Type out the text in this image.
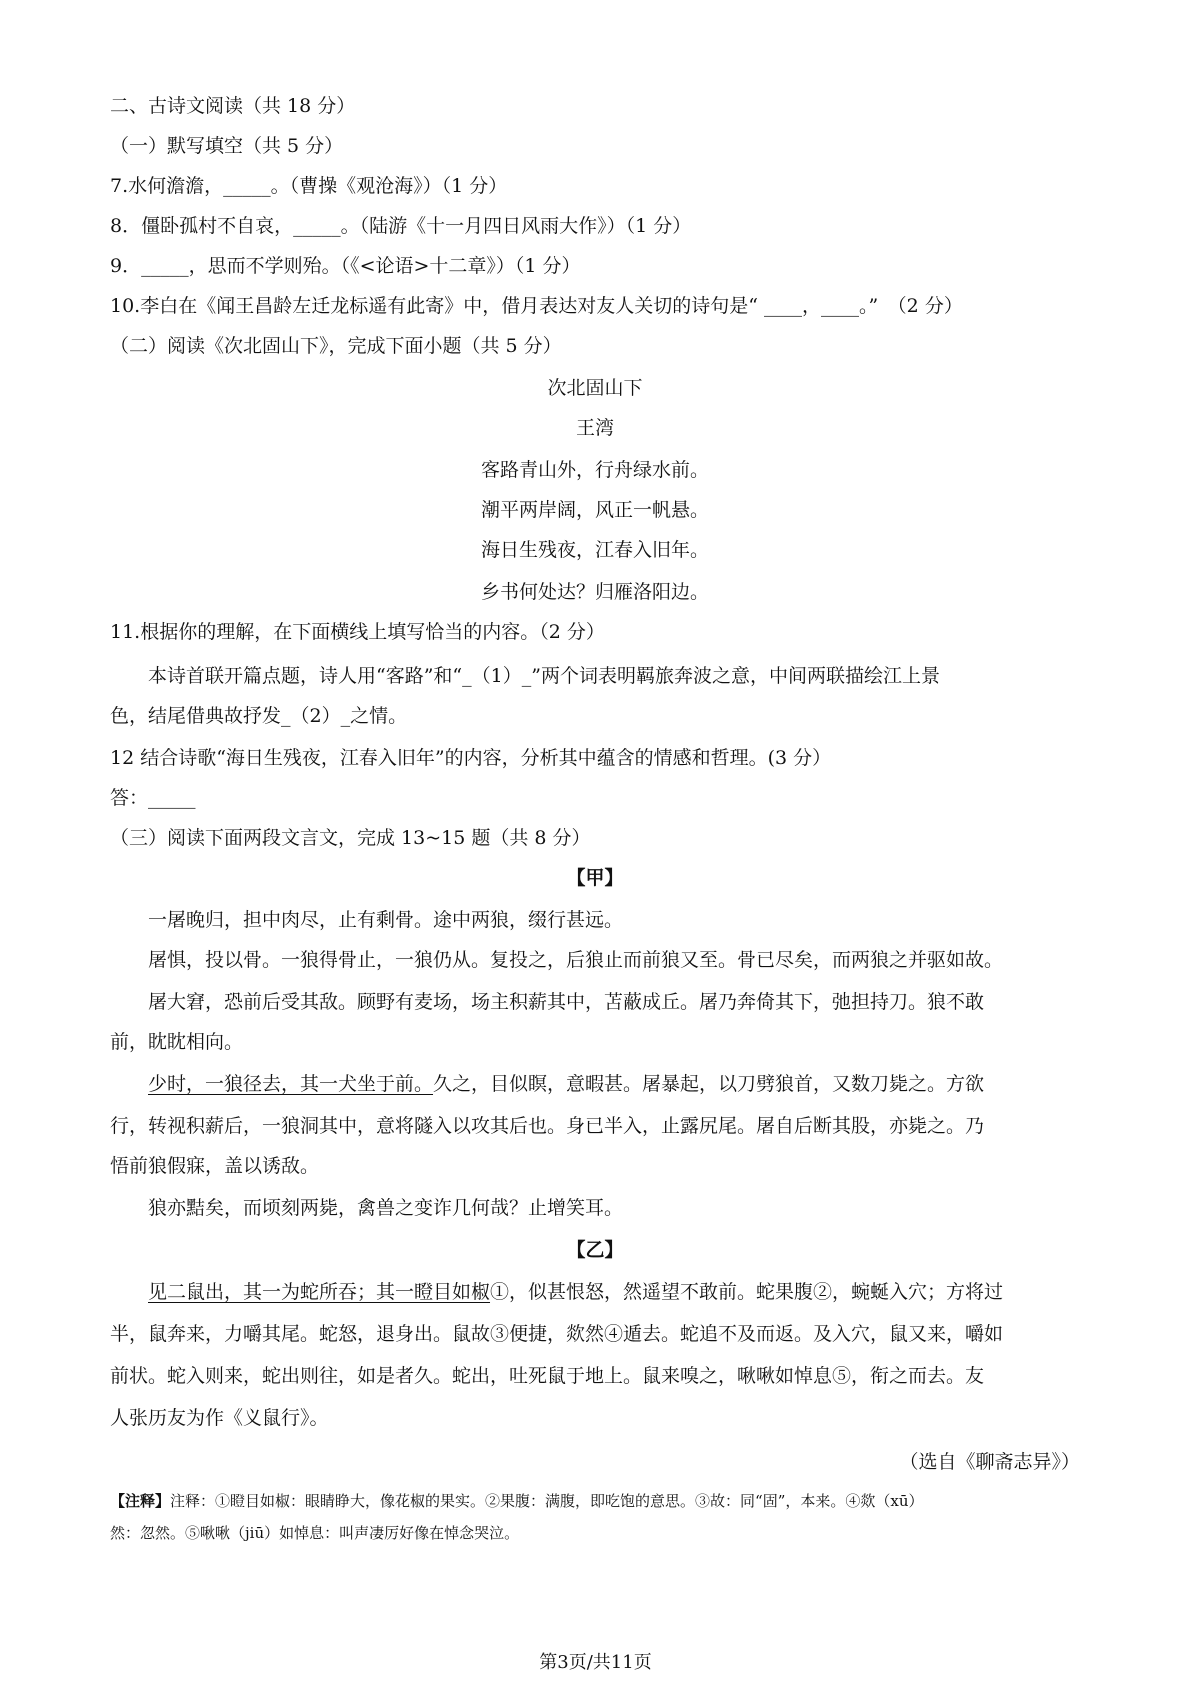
二、古诗文阅读（共 18 分）
（一）默写填空（共 5 分）
7.水何澹澹，_____。（曹操《观沧海》）（1 分）
8．僵卧孤村不自哀，_____。（陆游《十一月四日风雨大作》）（1 分）
9．_____，思而不学则殆。（《<论语>十二章》）（1 分）
10.李白在《闻王昌龄左迁龙标遥有此寄》中，借月表达对友人关切的诗句是“ ____，____。”　（2 分）
（二）阅读《次北固山下》，完成下面小题（共 5 分）
次北固山下
王湾
客路青山外，行舟绿水前。
潮平两岸阔，风正一帆悬。
海日生残夜，江春入旧年。
乡书何处达？归雁洛阳边。
11.根据你的理解，在下面横线上填写恰当的内容。（2 分）
本诗首联开篇点题，诗人用“客路”和“_（1）_”两个词表明羁旅奔波之意，中间两联描绘江上景
色，结尾借典故抒发_（2）_之情。
12 结合诗歌“海日生残夜，江春入旧年”的内容，分析其中蕴含的情感和哲理。(3 分）
答：_____
（三）阅读下面两段文言文，完成 13~15 题（共 8 分）
【甲】
一屠晚归，担中肉尽，止有剩骨。途中两狼，缀行甚远。
屠惧，投以骨。一狼得骨止，一狼仍从。复投之，后狼止而前狼又至。骨已尽矣，而两狼之并驱如故。
屠大窘，恐前后受其敌。顾野有麦场，场主积薪其中，苫蔽成丘。屠乃奔倚其下，弛担持刀。狼不敢
前，眈眈相向。
少时，一狼径去，其一犬坐于前。久之，目似瞑，意暇甚。屠暴起，以刀劈狼首，又数刀毙之。方欲
行，转视积薪后，一狼洞其中，意将隧入以攻其后也。身已半入，止露尻尾。屠自后断其股，亦毙之。乃
悟前狼假寐，盖以诱敌。
狼亦黠矣，而顷刻两毙，禽兽之变诈几何哉？止增笑耳。
【乙】
见二鼠出，其一为蛇所吞；其一瞪目如椒①，似甚恨怒，然遥望不敢前。蛇果腹②，蜿蜒入穴；方将过
半，鼠奔来，力嚼其尾。蛇怒，退身出。鼠故③便捷，欻然④遁去。蛇追不及而返。及入穴，鼠又来，嚼如
前状。蛇入则来，蛇出则往，如是者久。蛇出，吐死鼠于地上。鼠来嗅之，啾啾如悼息⑤，衔之而去。友
人张历友为作《义鼠行》。
（选自《聊斋志异》）
【注释】注释：①瞪目如椒：眼睛睁大，像花椒的果实。②果腹：满腹，即吃饱的意思。③故：同“固”，本来。④欻（xū）
然：忽然。⑤啾啾（jiū）如悼息：叫声凄厉好像在悼念哭泣。
第3页/共11页
